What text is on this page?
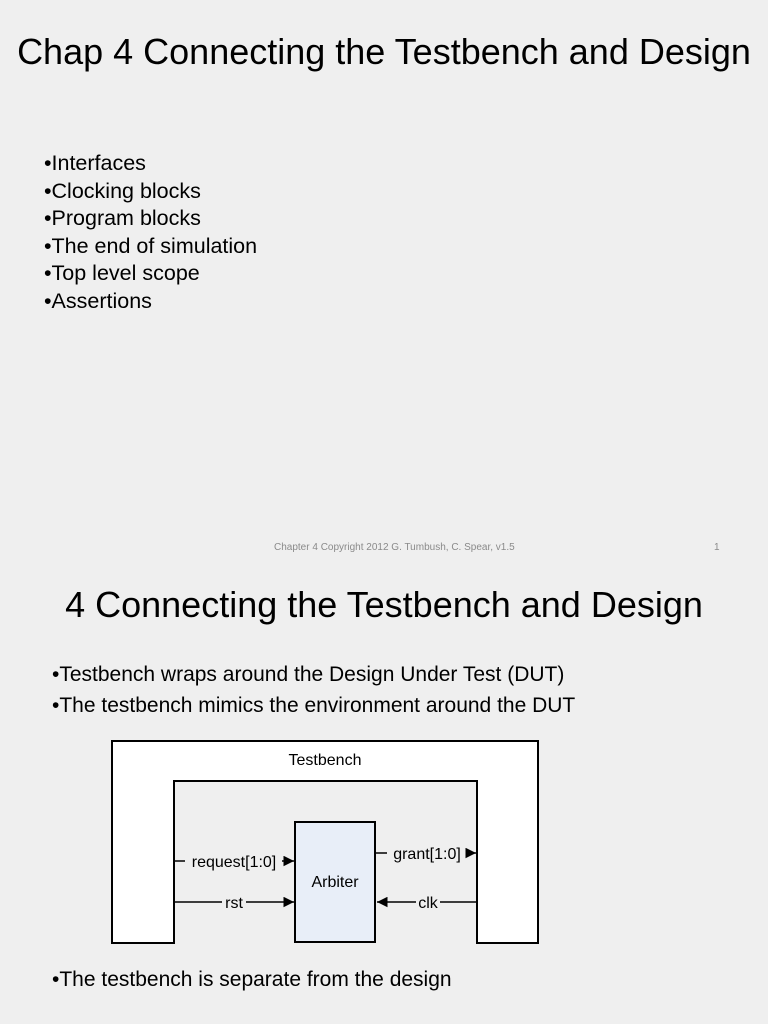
Chap 4 Connecting the Testbench and Design
•Interfaces
•Clocking blocks
•Program blocks
•The end of simulation
•Top level scope
•Assertions
Chapter 4 Copyright 2012 G. Tumbush, C. Spear, v1.5	1
4 Connecting the Testbench and Design
•Testbench wraps around the Design Under Test (DUT)
•The testbench mimics the environment around the DUT
Testbench
Arbiter
request[1:0]
rst
grant[1:0]
clk
•The testbench is separate from the design
